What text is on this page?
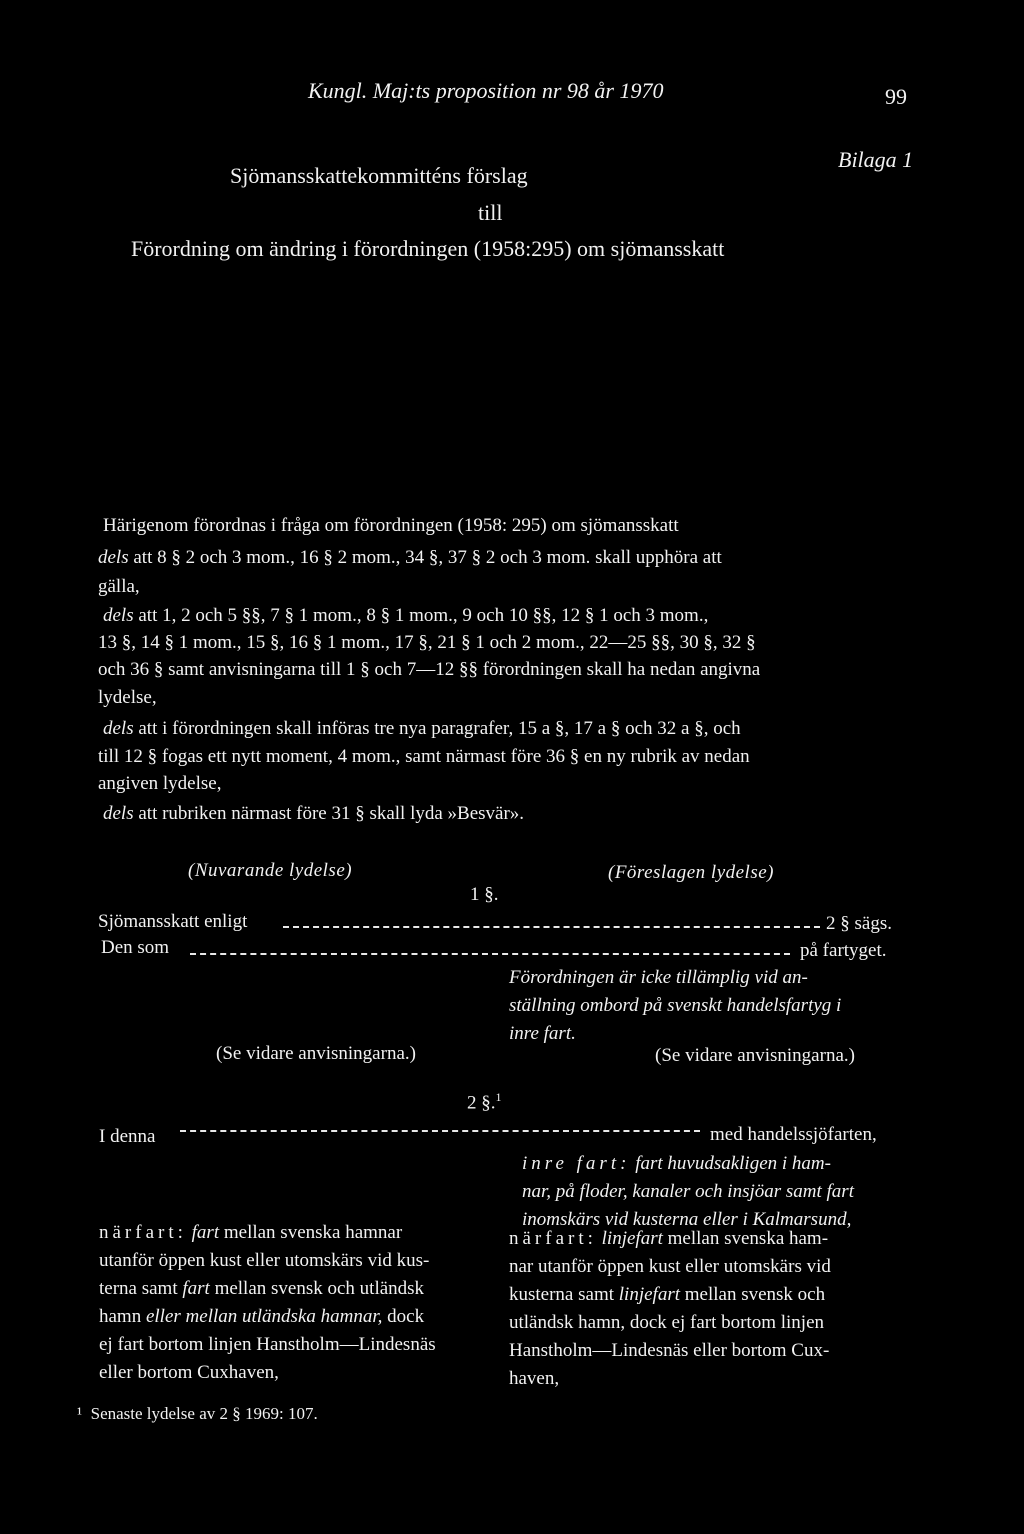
Kungl. Maj:ts proposition nr 98 år 1970	99
Bilaga 1
Sjömansskattekommitténs förslag
till
Förordning om ändring i förordningen (1958:295) om sjömansskatt
Härigenom förordnas i fråga om förordningen (1958: 295) om sjömansskatt
dels att 8 § 2 och 3 mom., 16 § 2 mom., 34 §, 37 § 2 och 3 mom. skall upphöra att
gälla,
dels att 1, 2 och 5 §§, 7 § 1 mom., 8 § 1 mom., 9 och 10 §§, 12 § 1 och 3 mom.,
13 §, 14 § 1 mom., 15 §, 16 § 1 mom., 17 §, 21 § 1 och 2 mom., 22—25 §§, 30 §, 32 §
och 36 § samt anvisningarna till 1 § och 7—12 §§ förordningen skall ha nedan angivna
lydelse,
dels att i förordningen skall införas tre nya paragrafer, 15 a §, 17 a § och 32 a §, och
till 12 § fogas ett nytt moment, 4 mom., samt närmast före 36 § en ny rubrik av nedan
angiven lydelse,
dels att rubriken närmast före 31 § skall lyda »Besvär».
(Nuvarande lydelse)	(Föreslagen lydelse)
1 §.
Sjömansskatt enligt	2 § sägs.
Den som	på fartyget.
Förordningen är icke tillämplig vid an-
ställning ombord på svenskt handelsfartyg i
inre fart.
(Se vidare anvisningarna.)	(Se vidare anvisningarna.)
2 §.$^1$
I denna	med handelssjöfarten,
inre fart: fart huvudsakligen i ham-
nar, på floder, kanaler och insjöar samt fart
inomskärs vid kusterna eller i Kalmarsund,
närfart: fart mellan svenska hamnar
utanför öppen kust eller utomskärs vid kus-
terna samt fart mellan svensk och utländsk
hamn eller mellan utländska hamnar, dock
ej fart bortom linjen Hanstholm—Lindesnäs
eller bortom Cuxhaven,
närfart: linjefart mellan svenska ham-
nar utanför öppen kust eller utomskärs vid
kusterna samt linjefart mellan svensk och
utländsk hamn, dock ej fart bortom linjen
Hanstholm—Lindesnäs eller bortom Cux-
haven,
¹ Senaste lydelse av 2 § 1969: 107.
